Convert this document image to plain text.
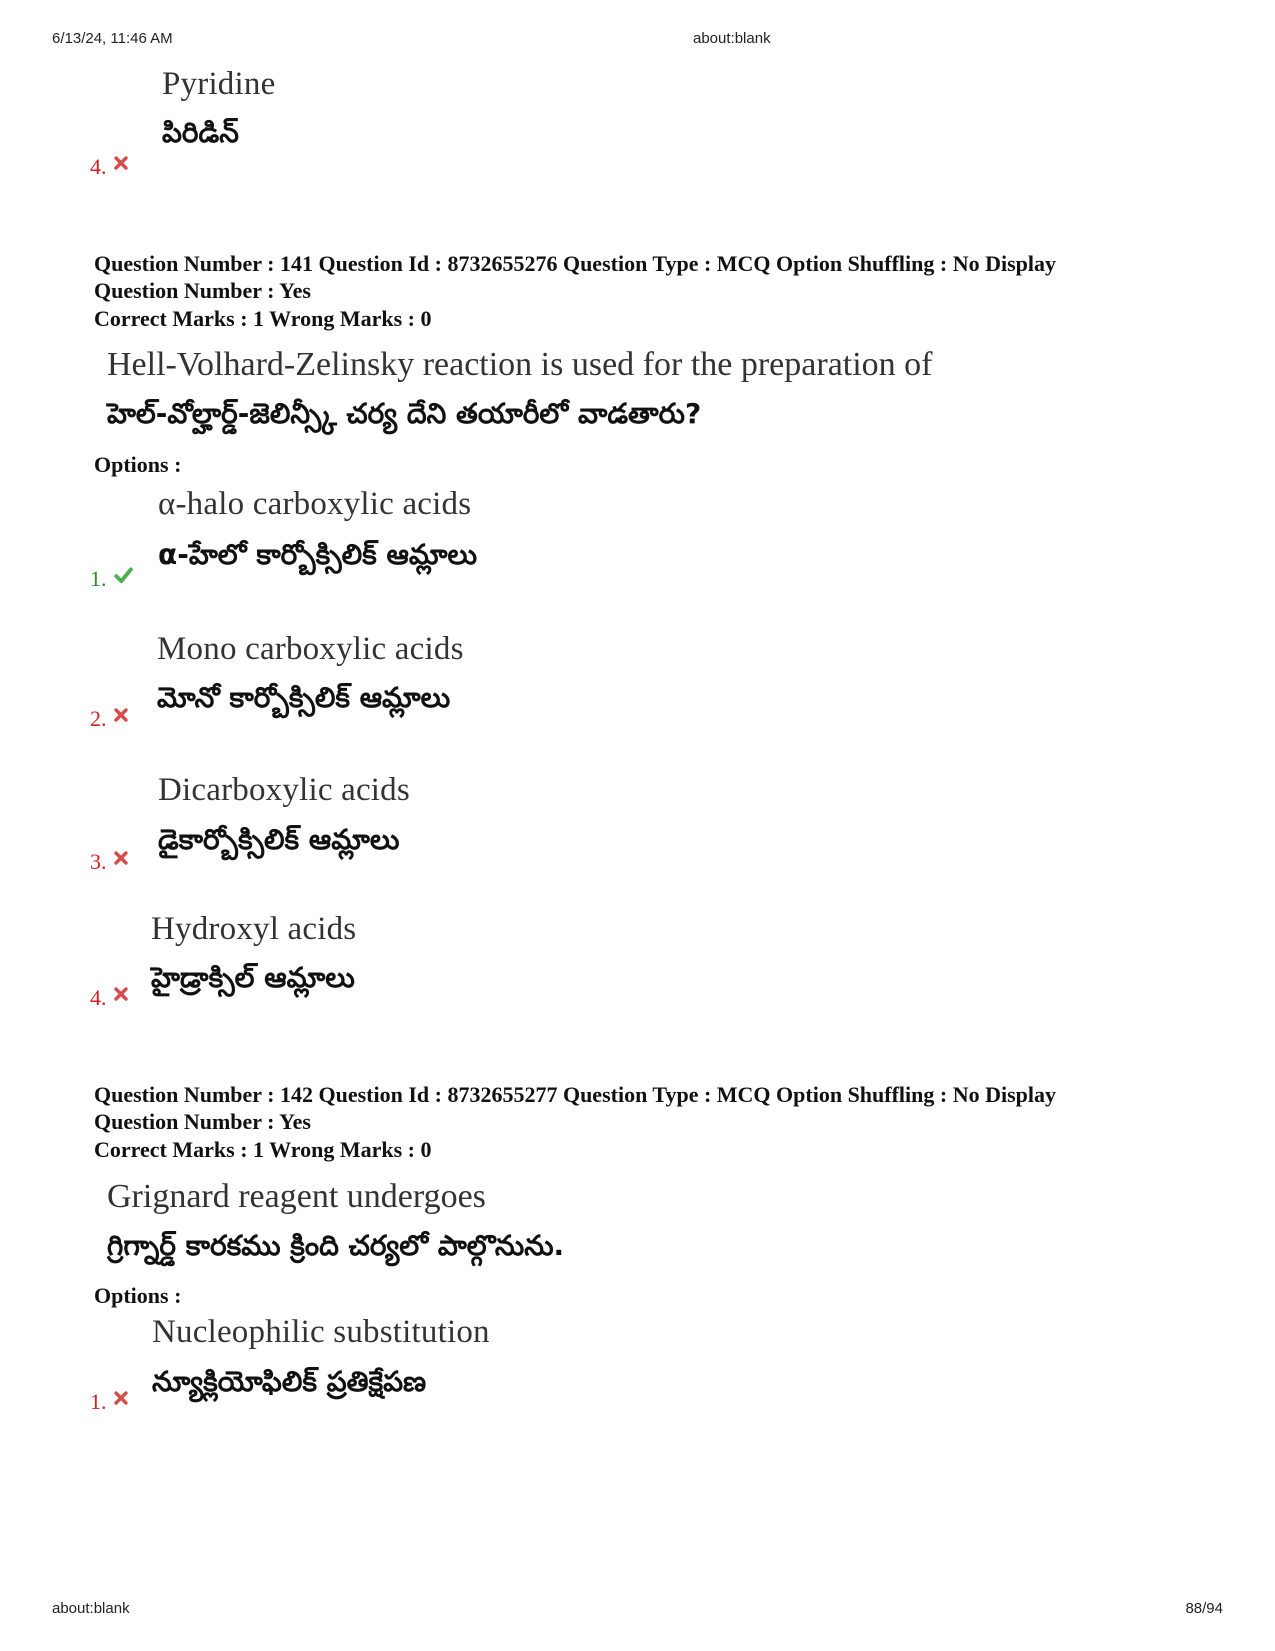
6/13/24, 11:46 AM	about:blank
Pyridine
పిరిడిన్
4.
Question Number : 141 Question Id : 8732655276 Question Type : MCQ Option Shuffling : No Display
Question Number : Yes
Correct Marks : 1 Wrong Marks : 0
Hell-Volhard-Zelinsky reaction is used for the preparation of
హెల్-వోల్హార్డ్-జెలిన్స్కీ చర్య దేని తయారీలో వాడతారు?
Options :
α-halo carboxylic acids
α-హేలో కార్బోక్సిలిక్ ఆమ్లాలు
1.
Mono carboxylic acids
మోనో కార్బోక్సిలిక్ ఆమ్లాలు
2.
Dicarboxylic acids
డైకార్బోక్సిలిక్ ఆమ్లాలు
3.
Hydroxyl acids
హైడ్రాక్సిల్ ఆమ్లాలు
4.
Question Number : 142 Question Id : 8732655277 Question Type : MCQ Option Shuffling : No Display
Question Number : Yes
Correct Marks : 1 Wrong Marks : 0
Grignard reagent undergoes
గ్రిగ్నార్డ్ కారకము క్రింది చర్యలో పాల్గొనును.
Options :
Nucleophilic substitution
న్యూక్లియోఫిలిక్ ప్రతిక్షేపణ
1.
about:blank	88/94
